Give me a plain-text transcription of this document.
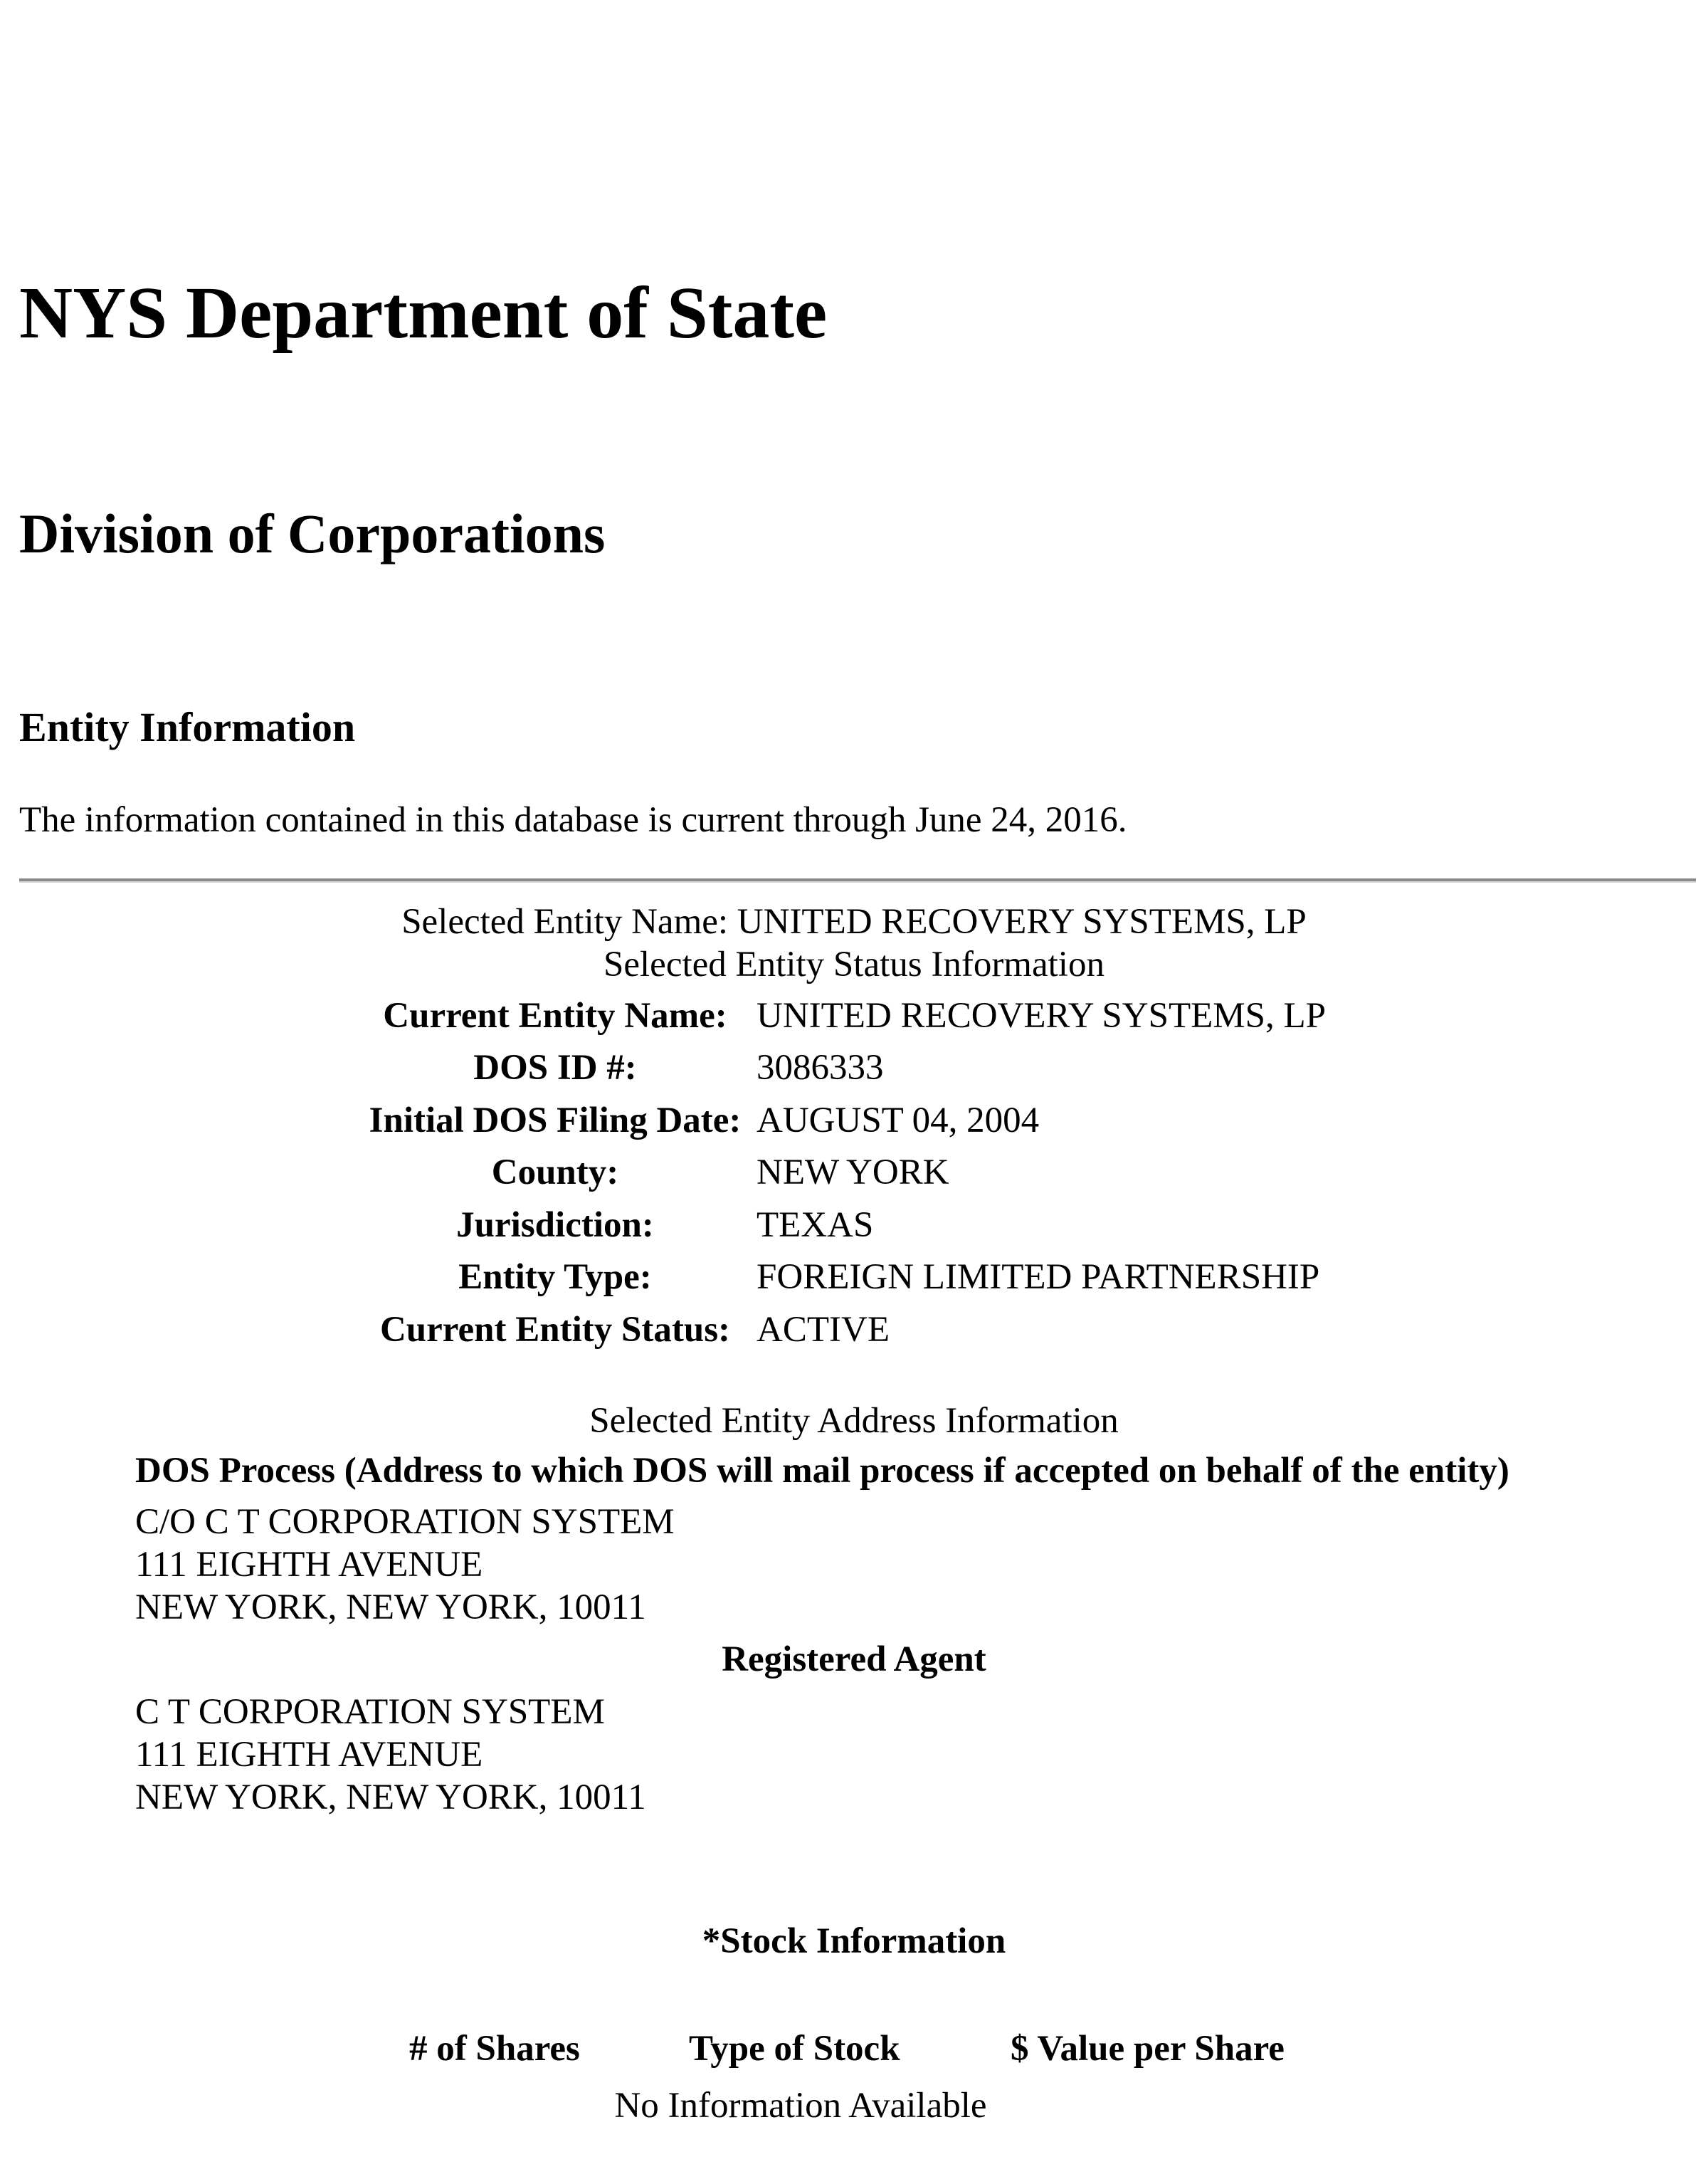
NYS Department of State
Division of Corporations
Entity Information
The information contained in this database is current through June 24, 2016.
Selected Entity Name: UNITED RECOVERY SYSTEMS, LP
Selected Entity Status Information
Current Entity Name: UNITED RECOVERY SYSTEMS, LP
DOS ID #:	3086333
Initial DOS Filing Date: AUGUST 04, 2004
County:	NEW YORK
Jurisdiction:	TEXAS
Entity Type:	FOREIGN LIMITED PARTNERSHIP
Current Entity Status: ACTIVE
Selected Entity Address Information
DOS Process (Address to which DOS will mail process if accepted on behalf of the entity)
C/O C T CORPORATION SYSTEM
111 EIGHTH AVENUE
NEW YORK, NEW YORK, 10011
Registered Agent
C T CORPORATION SYSTEM
111 EIGHTH AVENUE
NEW YORK, NEW YORK, 10011
*Stock Information
# of Shares	Type of Stock	$ Value per Share
No Information Available
